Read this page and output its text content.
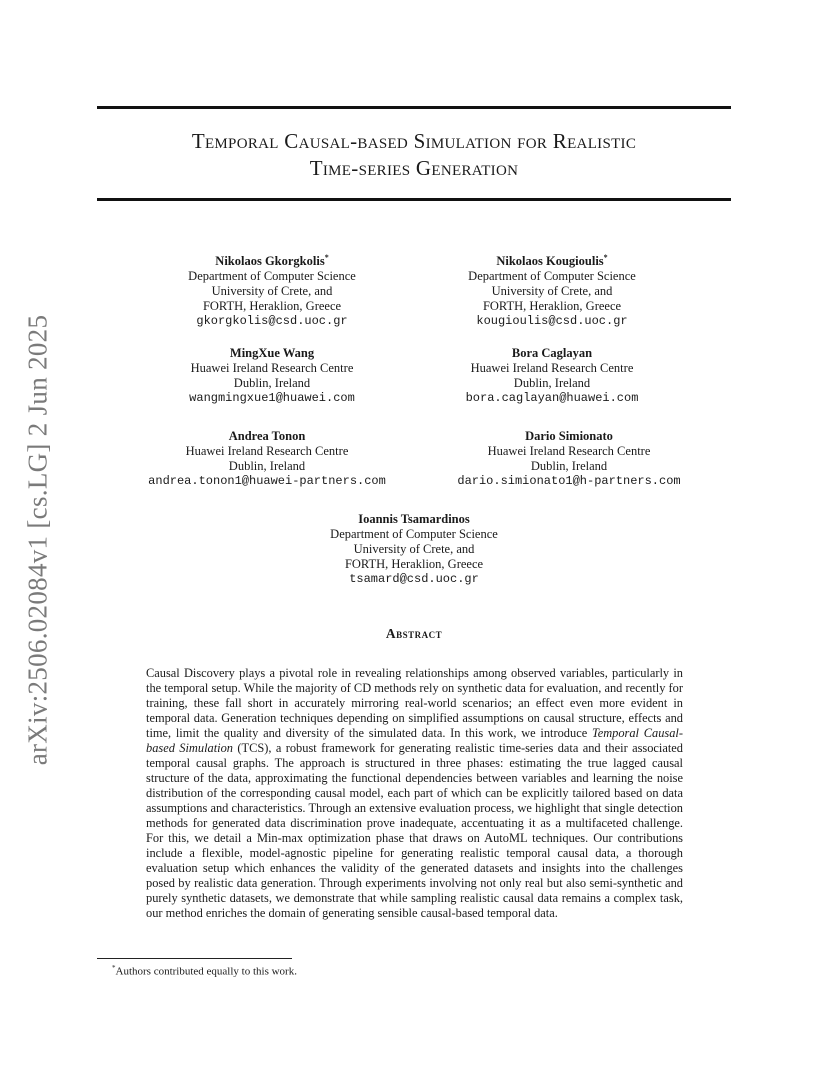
arXiv:2506.02084v1 [cs.LG] 2 Jun 2025
Temporal Causal-based Simulation for Realistic
Time-series Generation
Nikolaos Gkorgkolis*
Department of Computer Science
University of Crete, and
FORTH, Heraklion, Greece
gkorgkolis@csd.uoc.gr
Nikolaos Kougioulis*
Department of Computer Science
University of Crete, and
FORTH, Heraklion, Greece
kougioulis@csd.uoc.gr
MingXue Wang
Huawei Ireland Research Centre
Dublin, Ireland
wangmingxue1@huawei.com
Bora Caglayan
Huawei Ireland Research Centre
Dublin, Ireland
bora.caglayan@huawei.com
Andrea Tonon
Huawei Ireland Research Centre
Dublin, Ireland
andrea.tonon1@huawei-partners.com
Dario Simionato
Huawei Ireland Research Centre
Dublin, Ireland
dario.simionato1@h-partners.com
Ioannis Tsamardinos
Department of Computer Science
University of Crete, and
FORTH, Heraklion, Greece
tsamard@csd.uoc.gr
Abstract

Causal Discovery plays a pivotal role in revealing relationships among observed variables, particularly in the temporal setup. While the majority of CD methods rely on synthetic data for evaluation, and recently for training, these fall short in accurately mirroring real-world scenarios; an effect even more evident in temporal data. Generation techniques depending on simplified assumptions on causal structure, effects and time, limit the quality and diversity of the simulated data. In this work, we introduce Temporal Causal-based Simulation (TCS), a robust framework for generating realistic time-series data and their associated temporal causal graphs. The approach is structured in three phases: estimating the true lagged causal structure of the data, approximating the functional dependencies between variables and learning the noise distribution of the corresponding causal model, each part of which can be explicitly tailored based on data assumptions and characteristics. Through an extensive evaluation process, we highlight that single detection methods for generated data discrimination prove inadequate, accentuating it as a multifaceted challenge. For this, we detail a Min-max optimization phase that draws on AutoML techniques. Our contributions include a flexible, model-agnostic pipeline for generating realistic temporal causal data, a thorough evaluation setup which enhances the validity of the generated datasets and insights into the challenges posed by realistic data generation. Through experiments involving not only real but also semi-synthetic and purely synthetic datasets, we demonstrate that while sampling realistic causal data remains a complex task, our method enriches the domain of generating sensible causal-based temporal data.

*Authors contributed equally to this work.
